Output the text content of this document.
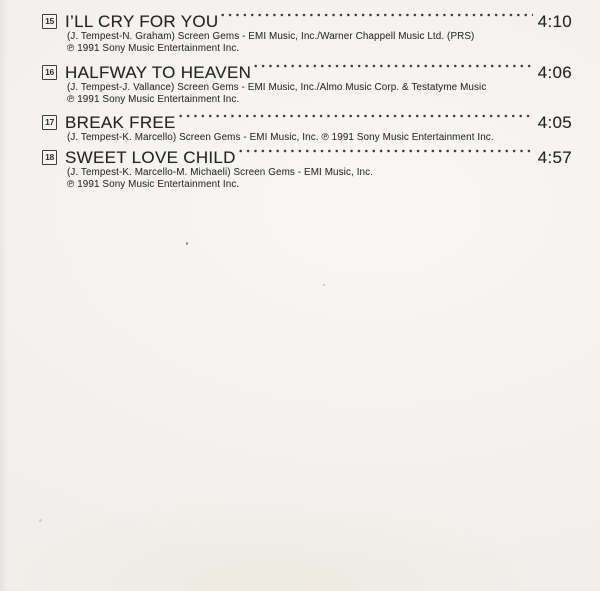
15 I’LL CRY FOR YOU	4:10
(J. Tempest-N. Graham) Screen Gems - EMI Music, Inc./Warner Chappell Music Ltd. (PRS)
℗ 1991 Sony Music Entertainment Inc.
16 HALFWAY TO HEAVEN	4:06
(J. Tempest-J. Vallance) Screen Gems - EMI Music, Inc./Almo Music Corp. & Testatyme Music
℗ 1991 Sony Music Entertainment Inc.
17 BREAK FREE	4:05
(J. Tempest-K. Marcello) Screen Gems - EMI Music, Inc. ℗ 1991 Sony Music Entertainment Inc.
18 SWEET LOVE CHILD	4:57
(J. Tempest-K. Marcello-M. Michaeli) Screen Gems - EMI Music, Inc.
℗ 1991 Sony Music Entertainment Inc.
